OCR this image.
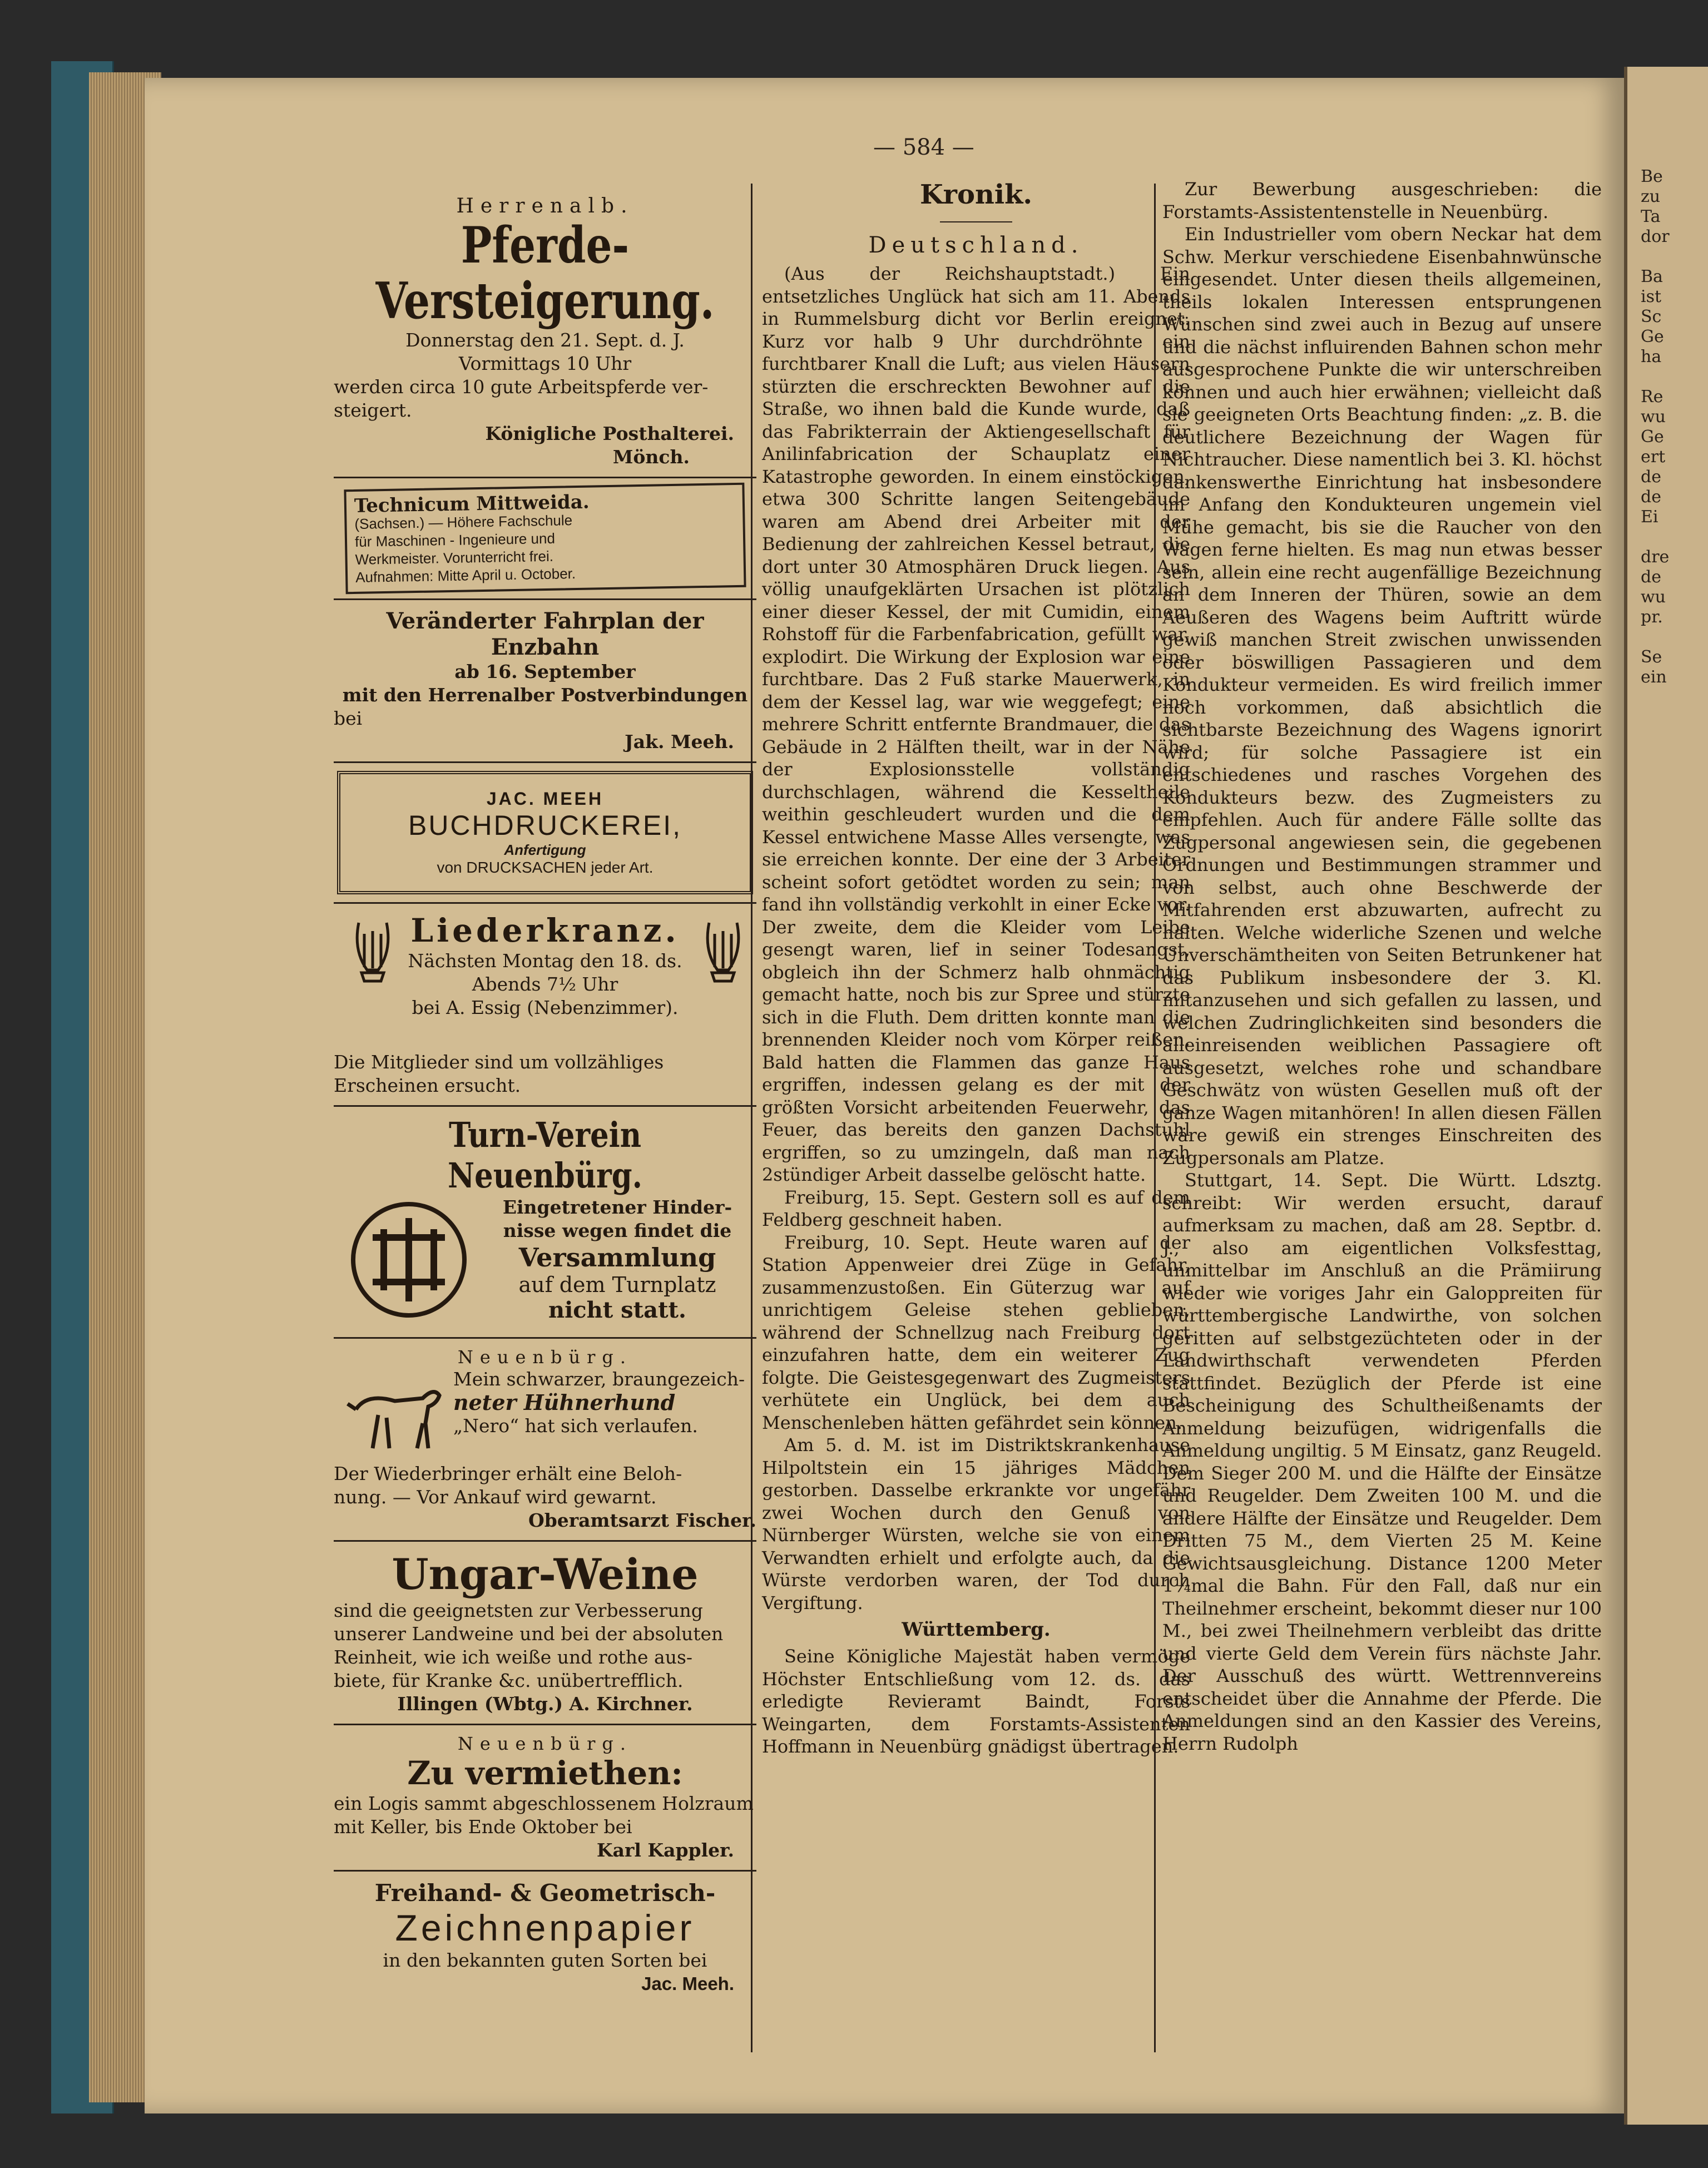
Be
zu
Ta
dor

Ba
ist
Sc
Ge
ha

Re
wu
Ge
ert
de
de
Ei

dre
de
wu
pr.

Se
ein
— 584 —
Herrenalb.
Pferde-
Versteigerung.
Donnerstag den 21. Sept. d. J.
Vormittags 10 Uhr
werden circa 10 gute Arbeitspferde ver-
steigert.
Königliche Posthalterei.
Mönch.
Technicum Mittweida.
(Sachsen.) — Höhere Fachschule
für Maschinen - Ingenieure und
Werkmeister. Vorunterricht frei.
Aufnahmen: Mitte April u. October.
Veränderter Fahrplan der Enzbahn
ab 16. September
mit den Herrenalber Postverbindungen
bei
Jak. Meeh.
JAC. MEEH
BUCHDRUCKEREI,
Anfertigung
von DRUCKSACHEN jeder Art.
Liederkranz.
Nächsten Montag den 18. ds.
Abends 7½ Uhr
bei A. Essig (Nebenzimmer).
Die Mitglieder sind um vollzähliges
Erscheinen ersucht.
Turn-Verein Neuenbürg.
Eingetretener Hinder-
nisse wegen findet die
Versammlung
auf dem Turnplatz
nicht statt.
Neuenbürg.
Mein schwarzer, braungezeich-
neter Hühnerhund
„Nero“ hat sich verlaufen.
Der Wiederbringer erhält eine Beloh-
nung. — Vor Ankauf wird gewarnt.
Oberamtsarzt Fischer.
Ungar-Weine
sind die geeignetsten zur Verbesserung
unserer Landweine und bei der absoluten
Reinheit, wie ich weiße und rothe aus-
biete, für Kranke &c. unübertrefflich.
Illingen (Wbtg.) A. Kirchner.
Neuenbürg.
Zu vermiethen:
ein Logis sammt abgeschlossenem Holzraum
mit Keller, bis Ende Oktober bei
Karl Kappler.
Freihand- & Geometrisch-
Zeichnenpapier
in den bekannten guten Sorten bei
Jac. Meeh.
Kronik.
Deutschland.

(Aus der Reichshauptstadt.) Ein entsetzliches Unglück hat sich am 11. Abends in Rummelsburg dicht vor Berlin ereignet. Kurz vor halb 9 Uhr durchdröhnte ein furchtbarer Knall die Luft; aus vielen Häusern stürzten die erschreckten Bewohner auf die Straße, wo ihnen bald die Kunde wurde, daß das Fabrikterrain der Aktiengesellschaft für Anilinfabrication der Schauplatz einer Katastrophe geworden. In einem einstöckigen, etwa 300 Schritte langen Seitengebäude waren am Abend drei Arbeiter mit der Bedienung der zahlreichen Kessel betraut, die dort unter 30 Atmosphären Druck liegen. Aus völlig unaufgeklärten Ursachen ist plötzlich einer dieser Kessel, der mit Cumidin, einem Rohstoff für die Farbenfabrication, gefüllt war, explodirt. Die Wirkung der Explosion war eine furchtbare. Das 2 Fuß starke Mauerwerk, in dem der Kessel lag, war wie weggefegt; eine mehrere Schritt entfernte Brandmauer, die das Gebäude in 2 Hälften theilt, war in der Nähe der Explosionsstelle vollständig durchschlagen, während die Kesseltheile weithin geschleudert wurden und die dem Kessel entwichene Masse Alles versengte, was sie erreichen konnte. Der eine der 3 Arbeiter scheint sofort getödtet worden zu sein; man fand ihn vollständig verkohlt in einer Ecke vor. Der zweite, dem die Kleider vom Leibe gesengt waren, lief in seiner Todesangst, obgleich ihn der Schmerz halb ohnmächtig gemacht hatte, noch bis zur Spree und stürzte sich in die Fluth. Dem dritten konnte man die brennenden Kleider noch vom Körper reißen. Bald hatten die Flammen das ganze Haus ergriffen, indessen gelang es der mit der größten Vorsicht arbeitenden Feuerwehr, das Feuer, das bereits den ganzen Dachstuhl ergriffen, so zu umzingeln, daß man nach 2stündiger Arbeit dasselbe gelöscht hatte.

Freiburg, 15. Sept. Gestern soll es auf dem Feldberg geschneit haben.

Freiburg, 10. Sept. Heute waren auf der Station Appenweier drei Züge in Gefahr, zusammenzustoßen. Ein Güterzug war auf unrichtigem Geleise stehen geblieben, während der Schnellzug nach Freiburg dort einzufahren hatte, dem ein weiterer Zug folgte. Die Geistesgegenwart des Zugmeisters verhütete ein Unglück, bei dem auch Menschenleben hätten gefährdet sein können.

Am 5. d. M. ist im Distriktskrankenhause Hilpoltstein ein 15 jähriges Mädchen gestorben. Dasselbe erkrankte vor ungefähr zwei Wochen durch den Genuß von Nürnberger Würsten, welche sie von einem Verwandten erhielt und erfolgte auch, da die Würste verdorben waren, der Tod durch Vergiftung.

Württemberg.

Seine Königliche Majestät haben vermöge Höchster Entschließung vom 12. ds. das erledigte Revieramt Baindt, Forsts Weingarten, dem Forstamts-Assistenten Hoffmann in Neuenbürg gnädigst übertragen.

Zur Bewerbung ausgeschrieben: die Forstamts-Assistentenstelle in Neuenbürg.

Ein Industrieller vom obern Neckar hat dem Schw. Merkur verschiedene Eisenbahnwünsche eingesendet. Unter diesen theils allgemeinen, theils lokalen Interessen entsprungenen Wünschen sind zwei auch in Bezug auf unsere und die nächst influirenden Bahnen schon mehr ausgesprochene Punkte die wir unterschreiben können und auch hier erwähnen; vielleicht daß sie geeigneten Orts Beachtung finden: „z. B. die deutlichere Bezeichnung der Wagen für Nichtraucher. Diese namentlich bei 3. Kl. höchst dankenswerthe Einrichtung hat insbesondere im Anfang den Kondukteuren ungemein viel Mühe gemacht, bis sie die Raucher von den Wagen ferne hielten. Es mag nun etwas besser sein, allein eine recht augenfällige Bezeichnung an dem Inneren der Thüren, sowie an dem Aeußeren des Wagens beim Auftritt würde gewiß manchen Streit zwischen unwissenden oder böswilligen Passagieren und dem Kondukteur vermeiden. Es wird freilich immer noch vorkommen, daß absichtlich die sichtbarste Bezeichnung des Wagens ignorirt wird; für solche Passagiere ist ein entschiedenes und rasches Vorgehen des Kondukteurs bezw. des Zugmeisters zu empfehlen. Auch für andere Fälle sollte das Zugpersonal angewiesen sein, die gegebenen Ordnungen und Bestimmungen strammer und von selbst, auch ohne Beschwerde der Mitfahrenden erst abzuwarten, aufrecht zu halten. Welche widerliche Szenen und welche Unverschämtheiten von Seiten Betrunkener hat das Publikum insbesondere der 3. Kl. mitanzusehen und sich gefallen zu lassen, und welchen Zudringlichkeiten sind besonders die alleinreisenden weiblichen Passagiere oft ausgesetzt, welches rohe und schandbare Geschwätz von wüsten Gesellen muß oft der ganze Wagen mitanhören! In allen diesen Fällen wäre gewiß ein strenges Einschreiten des Zugpersonals am Platze.

Stuttgart, 14. Sept. Die Württ. Ldsztg. schreibt: Wir werden ersucht, darauf aufmerksam zu machen, daß am 28. Septbr. d. J., also am eigentlichen Volksfesttag, unmittelbar im Anschluß an die Prämiirung wieder wie voriges Jahr ein Galoppreiten für württembergische Landwirthe, von solchen geritten auf selbstgezüchteten oder in der Landwirthschaft verwendeten Pferden stattfindet. Bezüglich der Pferde ist eine Bescheinigung des Schultheißenamts der Anmeldung beizufügen, widrigenfalls die Anmeldung ungiltig. 5 M Einsatz, ganz Reugeld. Dem Sieger 200 M. und die Hälfte der Einsätze und Reugelder. Dem Zweiten 100 M. und die andere Hälfte der Einsätze und Reugelder. Dem Dritten 75 M., dem Vierten 25 M. Keine Gewichtsausgleichung. Distance 1200 Meter 1¼mal die Bahn. Für den Fall, daß nur ein Theilnehmer erscheint, bekommt dieser nur 100 M., bei zwei Theilnehmern verbleibt das dritte und vierte Geld dem Verein fürs nächste Jahr. Der Ausschuß des württ. Wettrennvereins entscheidet über die Annahme der Pferde. Die Anmeldungen sind an den Kassier des Vereins, Herrn Rudolph
